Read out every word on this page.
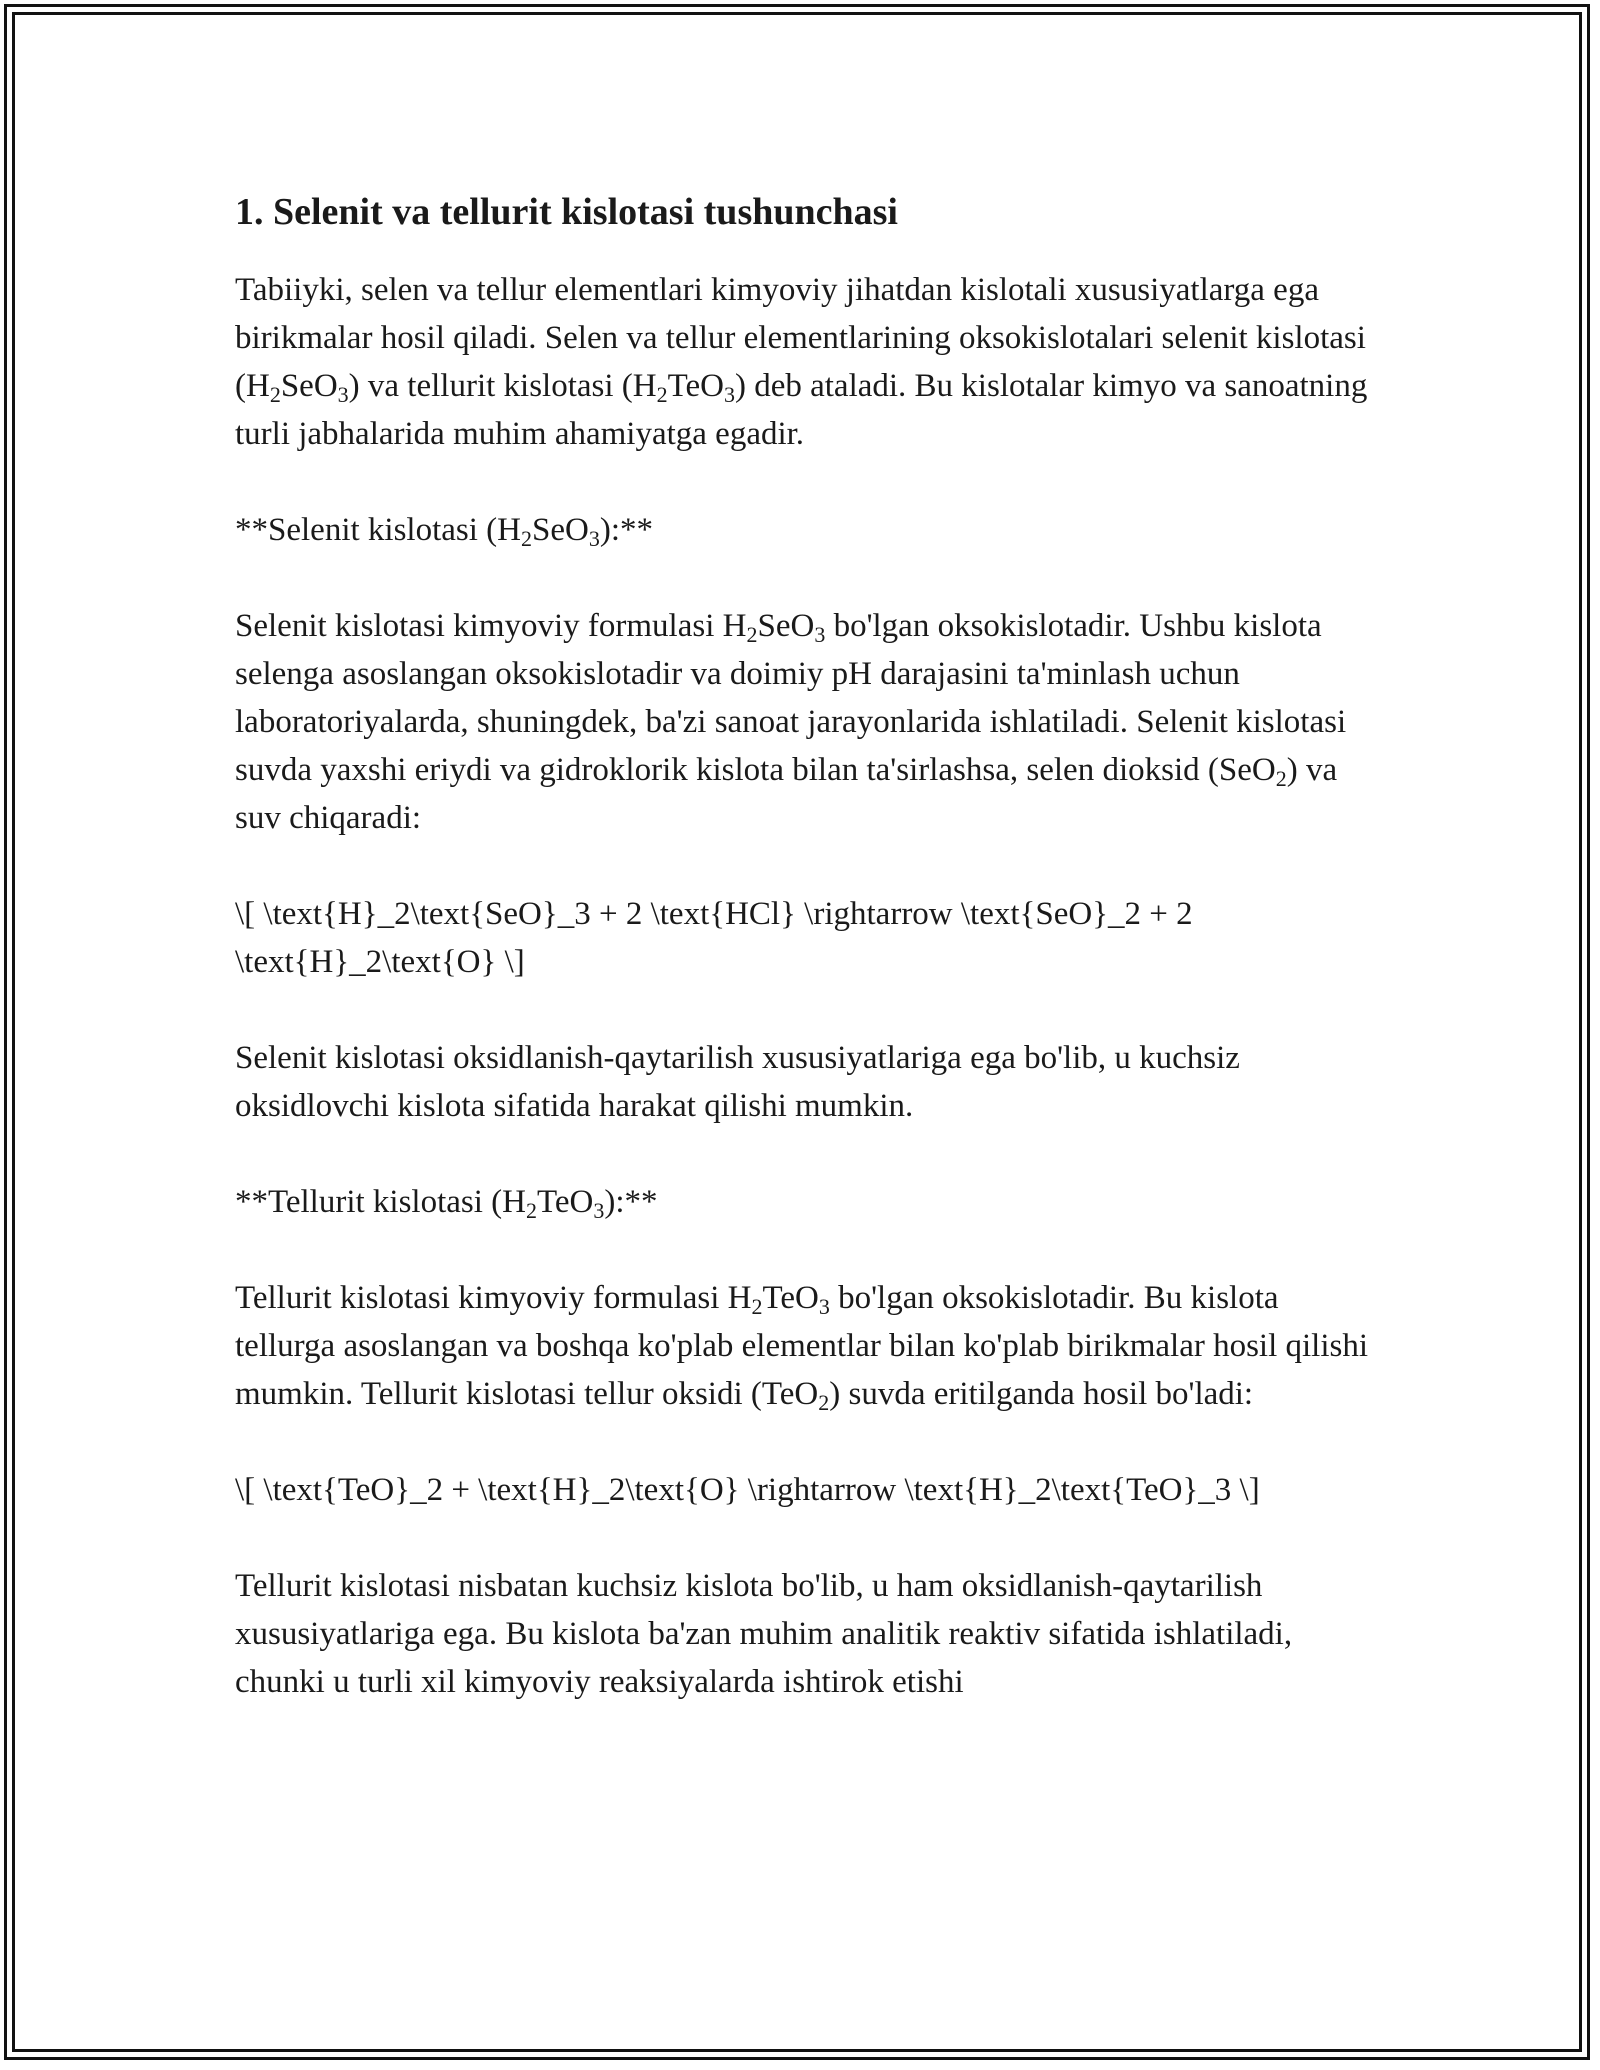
1. Selenit va tellurit kislotasi tushunchasi

Tabiiyki, selen va tellur elementlari kimyoviy jihatdan kislotali xususiyatlarga ega birikmalar hosil qiladi. Selen va tellur elementlarining oksokislotalari selenit kislotasi $(H_2SeO_3)$ va tellurit kislotasi $(H_2TeO_3)$ deb ataladi. Bu kislotalar kimyo va sanoatning turli jabhalarida muhim ahamiyatga egadir.

**Selenit kislotasi $(H_2SeO_3):**$

Selenit kislotasi kimyoviy formulasi $H_2SeO_3$ bo'lgan oksokislotadir. Ushbu kislota selenga asoslangan oksokislotadir va doimiy pH darajasini ta'minlash uchun laboratoriyalarda, shuningdek, ba'zi sanoat jarayonlarida ishlatiladi. Selenit kislotasi suvda yaxshi eriydi va gidroklorik kislota bilan ta'sirlashsa, selen dioksid (SeO$_2$) va suv chiqaradi:

\[ \text{H}_2\text{SeO}_3 + 2 \text{HCl} \rightarrow \text{SeO}_2 + 2 \text{H}_2\text{O} \]

Selenit kislotasi oksidlanish-qaytarilish xususiyatlariga ega bo'lib, u kuchsiz oksidlovchi kislota sifatida harakat qilishi mumkin.

**Tellurit kislotasi $(H_2TeO_3):**$

Tellurit kislotasi kimyoviy formulasi $H_2TeO_3$ bo'lgan oksokislotadir. Bu kislota tellurga asoslangan va boshqa ko'plab elementlar bilan ko'plab birikmalar hosil qilishi mumkin. Tellurit kislotasi tellur oksidi (TeO$_2$) suvda eritilganda hosil bo'ladi:

\[ \text{TeO}_2 + \text{H}_2\text{O} \rightarrow \text{H}_2\text{TeO}_3 \]

Tellurit kislotasi nisbatan kuchsiz kislota bo'lib, u ham oksidlanish-qaytarilish xususiyatlariga ega. Bu kislota ba'zan muhim analitik reaktiv sifatida ishlatiladi, chunki u turli xil kimyoviy reaksiyalarda ishtirok etishi
